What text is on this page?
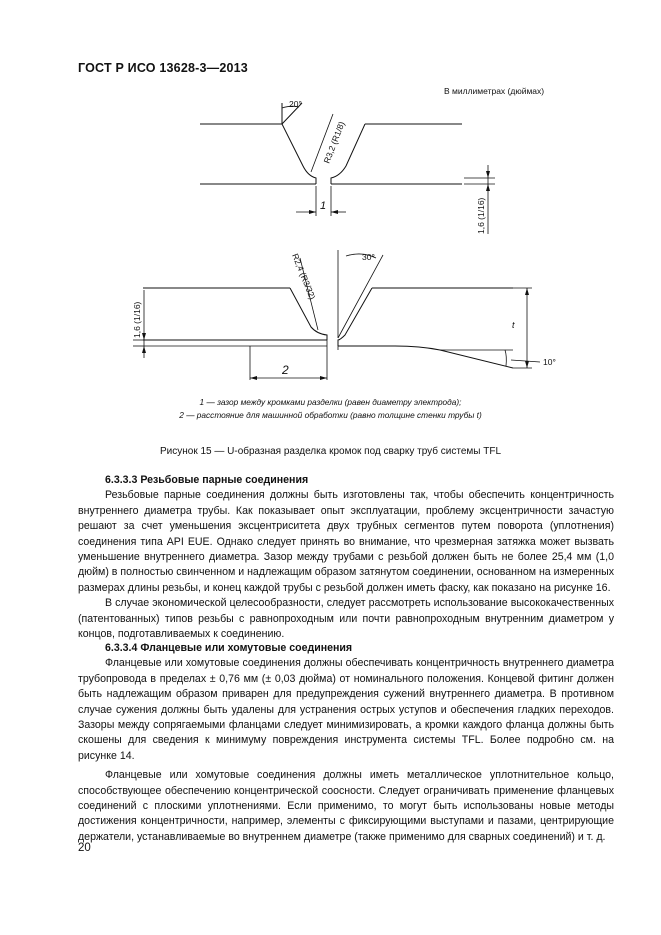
ГОСТ Р ИСО 13628-3—2013
В миллиметрах (дюймах)
20°
R3,2 (R1/8)
1	1,6 (1/16)
t
10°
30°
R2,4 (R3/32)
1,6 (1/16)
2
1 — зазор между кромками разделки (равен диаметру электрода);
2 — расстояние для машинной обработки (равно толщине стенки трубы t)
Рисунок 15 — U-образная разделка кромок под сварку труб системы TFL
6.3.3.3 Резьбовые парные соединения

Резьбовые парные соединения должны быть изготовлены так, чтобы обеспечить концентричность внутреннего диаметра трубы. Как показывает опыт эксплуатации, проблему эксцентричности зачастую решают за счет уменьшения эксцентриситета двух трубных сегментов путем поворота (уплотнения) соединения типа API EUE. Однако следует принять во внимание, что чрезмерная затяжка может вызвать уменьшение внутреннего диаметра. Зазор между трубами с резьбой должен быть не более 25,4 мм (1,0 дюйм) в полностью свинченном и надлежащим образом затянутом соединении, основанном на измеренных размерах длины резьбы, и конец каждой трубы с резьбой должен иметь фаску, как показано на рисунке 16.

В случае экономической целесообразности, следует рассмотреть использование высококачественных (патентованных) типов резьбы с равнопроходным или почти равнопроходным внутренним диаметром у концов, подготавливаемых к соединению.

6.3.3.4 Фланцевые или хомутовые соединения

Фланцевые или хомутовые соединения должны обеспечивать концентричность внутреннего диаметра трубопровода в пределах ± 0,76 мм (± 0,03 дюйма) от номинального положения. Концевой фитинг должен быть надлежащим образом приварен для предупреждения сужений внутреннего диаметра. В противном случае сужения должны быть удалены для устранения острых уступов и обеспечения гладких переходов. Зазоры между сопрягаемыми фланцами следует минимизировать, а кромки каждого фланца должны быть скошены для сведения к минимуму повреждения инструмента системы TFL. Более подробно см. на рисунке 14.

Фланцевые или хомутовые соединения должны иметь металлическое уплотнительное кольцо, способствующее обеспечению концентрической соосности. Следует ограничивать применение фланцевых соединений с плоскими уплотнениями. Если применимо, то могут быть использованы новые методы достижения концентричности, например, элементы с фиксирующими выступами и пазами, центрирующие держатели, устанавливаемые во внутреннем диаметре (также применимо для сварных соединений) и т. д.

20
